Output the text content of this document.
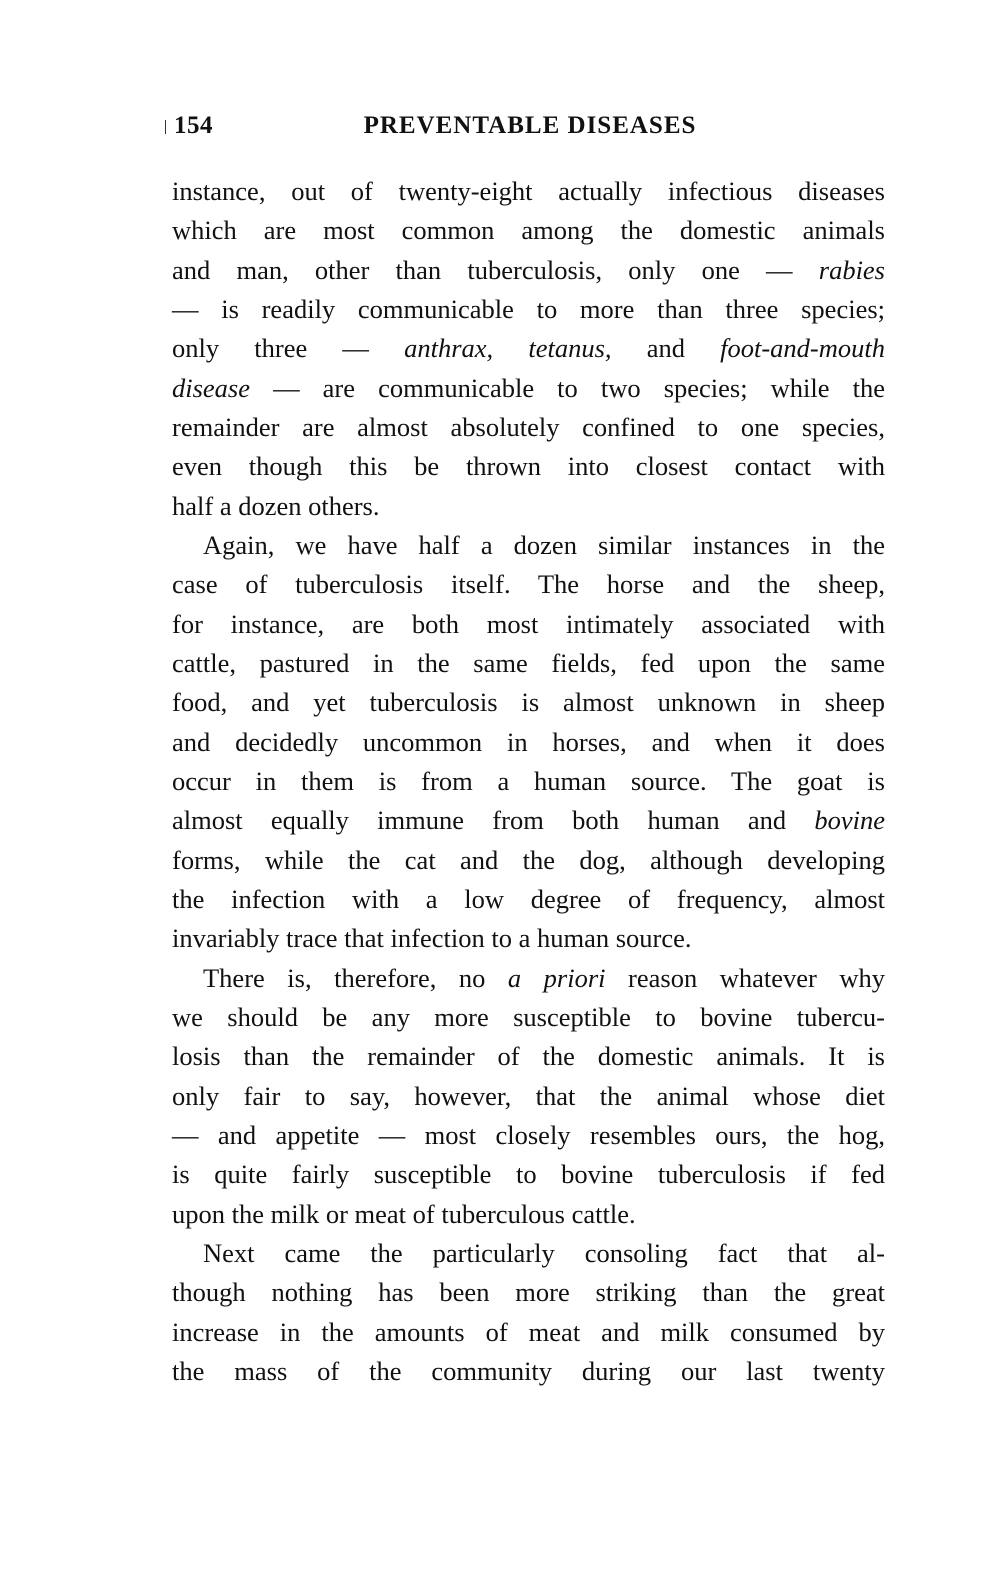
154	PREVENTABLE DISEASES
instance, out of twenty-eight actually infectious diseases
which are most common among the domestic animals
and man, other than tuberculosis, only one — rabies
— is readily communicable to more than three species;
only three — anthrax, tetanus, and foot-and-mouth
disease — are communicable to two species; while the
remainder are almost absolutely confined to one species,
even though this be thrown into closest contact with
half a dozen others.
Again, we have half a dozen similar instances in the
case of tuberculosis itself. The horse and the sheep,
for instance, are both most intimately associated with
cattle, pastured in the same fields, fed upon the same
food, and yet tuberculosis is almost unknown in sheep
and decidedly uncommon in horses, and when it does
occur in them is from a human source. The goat is
almost equally immune from both human and bovine
forms, while the cat and the dog, although developing
the infection with a low degree of frequency, almost
invariably trace that infection to a human source.
There is, therefore, no a priori reason whatever why
we should be any more susceptible to bovine tubercu-
losis than the remainder of the domestic animals. It is
only fair to say, however, that the animal whose diet
— and appetite — most closely resembles ours, the hog,
is quite fairly susceptible to bovine tuberculosis if fed
upon the milk or meat of tuberculous cattle.
Next came the particularly consoling fact that al-
though nothing has been more striking than the great
increase in the amounts of meat and milk consumed by
the mass of the community during our last twenty
